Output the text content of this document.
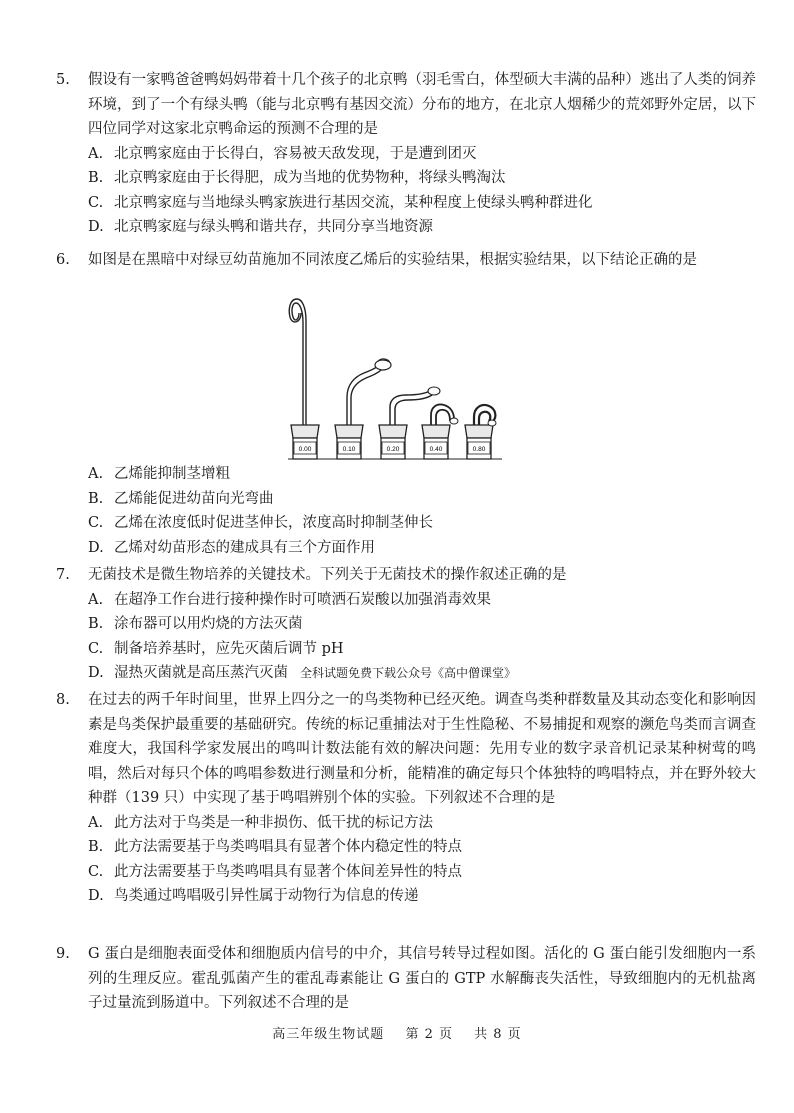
5.	假设有一家鸭爸爸鸭妈妈带着十几个孩子的北京鸭（羽毛雪白，体型硕大丰满的品种）逃出了人类的饲养环境，到了一个有绿头鸭（能与北京鸭有基因交流）分布的地方，在北京人烟稀少的荒郊野外定居，以下四位同学对这家北京鸭命运的预测不合理的是
A. 北京鸭家庭由于长得白，容易被天敌发现，于是遭到团灭
B. 北京鸭家庭由于长得肥，成为当地的优势物种，将绿头鸭淘汰
C. 北京鸭家庭与当地绿头鸭家族进行基因交流，某种程度上使绿头鸭种群进化
D. 北京鸭家庭与绿头鸭和谐共存，共同分享当地资源
6.	如图是在黑暗中对绿豆幼苗施加不同浓度乙烯后的实验结果，根据实验结果，以下结论正确的是
0.00	0.10	0.20	0.40	0.80
A. 乙烯能抑制茎增粗
B. 乙烯能促进幼苗向光弯曲
C. 乙烯在浓度低时促进茎伸长，浓度高时抑制茎伸长
D. 乙烯对幼苗形态的建成具有三个方面作用
7.	无菌技术是微生物培养的关键技术。下列关于无菌技术的操作叙述正确的是
A. 在超净工作台进行接种操作时可喷洒石炭酸以加强消毒效果
B. 涂布器可以用灼烧的方法灭菌
C. 制备培养基时，应先灭菌后调节 pH
D. 湿热灭菌就是高压蒸汽灭菌 全科试题免费下载公众号《高中僧课堂》
8.	在过去的两千年时间里，世界上四分之一的鸟类物种已经灭绝。调查鸟类种群数量及其动态变化和影响因素是鸟类保护最重要的基础研究。传统的标记重捕法对于生性隐秘、不易捕捉和观察的濒危鸟类而言调查难度大，我国科学家发展出的鸣叫计数法能有效的解决问题：先用专业的数字录音机记录某种树莺的鸣唱，然后对每只个体的鸣唱参数进行测量和分析，能精准的确定每只个体独特的鸣唱特点，并在野外较大种群（139 只）中实现了基于鸣唱辨别个体的实验。下列叙述不合理的是
A. 此方法对于鸟类是一种非损伤、低干扰的标记方法
B. 此方法需要基于鸟类鸣唱具有显著个体内稳定性的特点
C. 此方法需要基于鸟类鸣唱具有显著个体间差异性的特点
D. 鸟类通过鸣唱吸引异性属于动物行为信息的传递
9.	G 蛋白是细胞表面受体和细胞质内信号的中介，其信号转导过程如图。活化的 G 蛋白能引发细胞内一系列的生理反应。霍乱弧菌产生的霍乱毒素能让 G 蛋白的 GTP 水解酶丧失活性，导致细胞内的无机盐离子过量流到肠道中。下列叙述不合理的是
高三年级生物试题 第 2 页 共 8 页
